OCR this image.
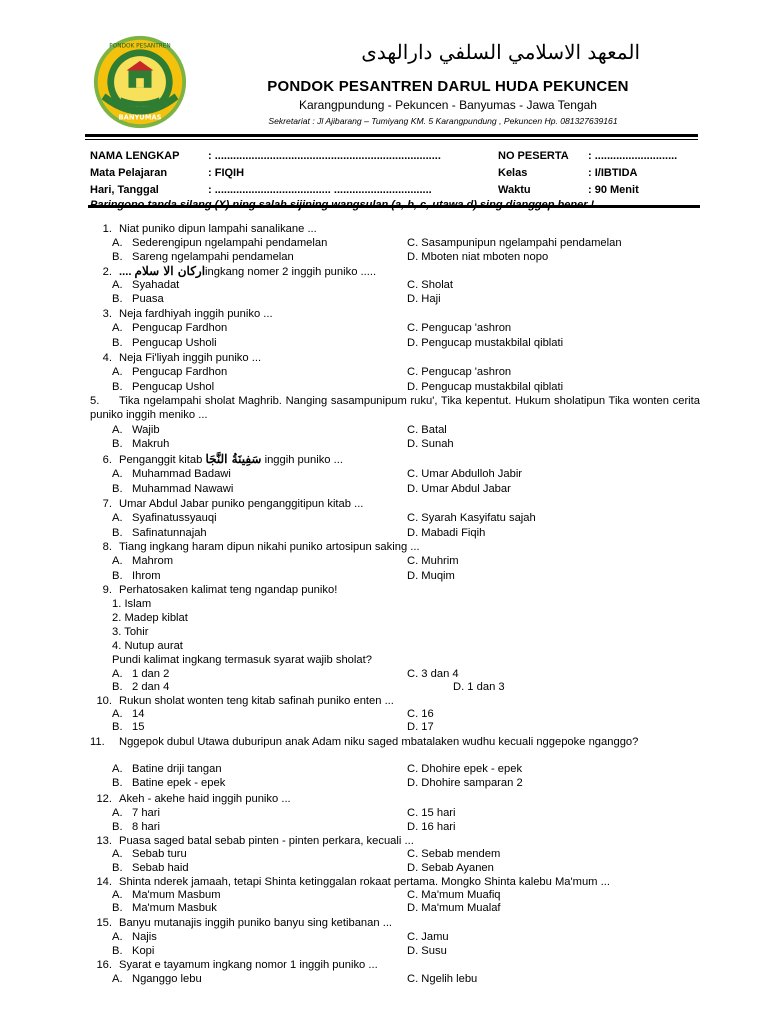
PONDOK PESANTREN
BANYUMAS
المعهد الاسلامي السلفي دارالهدى
PONDOK PESANTREN DARUL HUDA PEKUNCEN
Karangpundung - Pekuncen - Banyumas - Jawa Tengah
Sekretariat : Jl Ajibarang – Tumiyang KM. 5 Karangpundung , Pekuncen Hp. 081327639161
NAMA LENGKAP	: ..........................................................................
Mata Pelajaran	: FIQIH
Hari, Tanggal	: ...................................... ................................
NO PESERTA : ...........................
Kelas	: I/IBTIDA
Waktu	: 90 Menit
Paringono tanda silang (X) ning salah sijining wangsulan (a, b, c, utawa d) sing dianggep bener !
1. Niat puniko dipun lampahi sanalikane ...
A. Sederengipun ngelampahi pendamelan	C. Sasampunipun ngelampahi pendamelan
B. Sareng ngelampahi pendamelan	D. Mboten niat mboten nopo
2. .... اركان الا سلامingkang nomer 2 inggih puniko .....
A. Syahadat	C. Sholat
B. Puasa	D. Haji
3. Neja fardhiyah inggih puniko ...
A. Pengucap Fardhon	C. Pengucap 'ashron
B. Pengucap Usholi	D. Pengucap mustakbilal qiblati
4. Neja Fi'liyah inggih puniko ...
A. Pengucap Fardhon	C. Pengucap 'ashron
B. Pengucap Ushol	D. Pengucap mustakbilal qiblati
5. Tika ngelampahi sholat Maghrib. Nanging sasampunipum ruku', Tika kepentut. Hukum sholatipun Tika wonten cerita puniko inggih meniko ...
A. Wajib	C. Batal
B. Makruh	D. Sunah
6. Penganggit kitab سَفِينَةُ النَّجَا inggih puniko ...
A. Muhammad Badawi	C. Umar Abdulloh Jabir
B. Muhammad Nawawi	D. Umar Abdul Jabar
7. Umar Abdul Jabar puniko penganggitipun kitab ...
A. Syafinatussyauqi	C. Syarah Kasyifatu sajah
B. Safinatunnajah	D. Mabadi Fiqih
8. Tiang ingkang haram dipun nikahi puniko artosipun saking ...
A. Mahrom	C. Muhrim
B. Ihrom	D. Muqim
9. Perhatosaken kalimat teng ngandap puniko!
1. Islam
2. Madep kiblat
3. Tohir
4. Nutup aurat
Pundi kalimat ingkang termasuk syarat wajib sholat?
A. 1 dan 2	C. 3 dan 4
B. 2 dan 4	D. 1 dan 3
10. Rukun sholat wonten teng kitab safinah puniko enten ...
A. 14	C. 16
B. 15	D. 17
11. Nggepok dubul Utawa duburipun anak Adam niku saged mbatalaken wudhu kecuali nggepoke nganggo?
A. Batine driji tangan	C. Dhohire epek - epek
B. Batine epek - epek	D. Dhohire samparan 2
12. Akeh - akehe haid inggih puniko ...
A. 7 hari	C. 15 hari
B. 8 hari	D. 16 hari
13. Puasa saged batal sebab pinten - pinten perkara, kecuali ...
A. Sebab turu	C. Sebab mendem
B. Sebab haid	D. Sebab Ayanen
14. Shinta nderek jamaah, tetapi Shinta ketinggalan rokaat pertama. Mongko Shinta kalebu Ma'mum ...
A. Ma'mum Masbum	C. Ma'mum Muafiq
B. Ma'mum Masbuk	D. Ma'mum Mualaf
15. Banyu mutanajis inggih puniko banyu sing ketibanan ...
A. Najis	C. Jamu
B. Kopi	D. Susu
16. Syarat e tayamum ingkang nomor 1 inggih puniko ...
A. Nganggo lebu	C. Ngelih lebu
